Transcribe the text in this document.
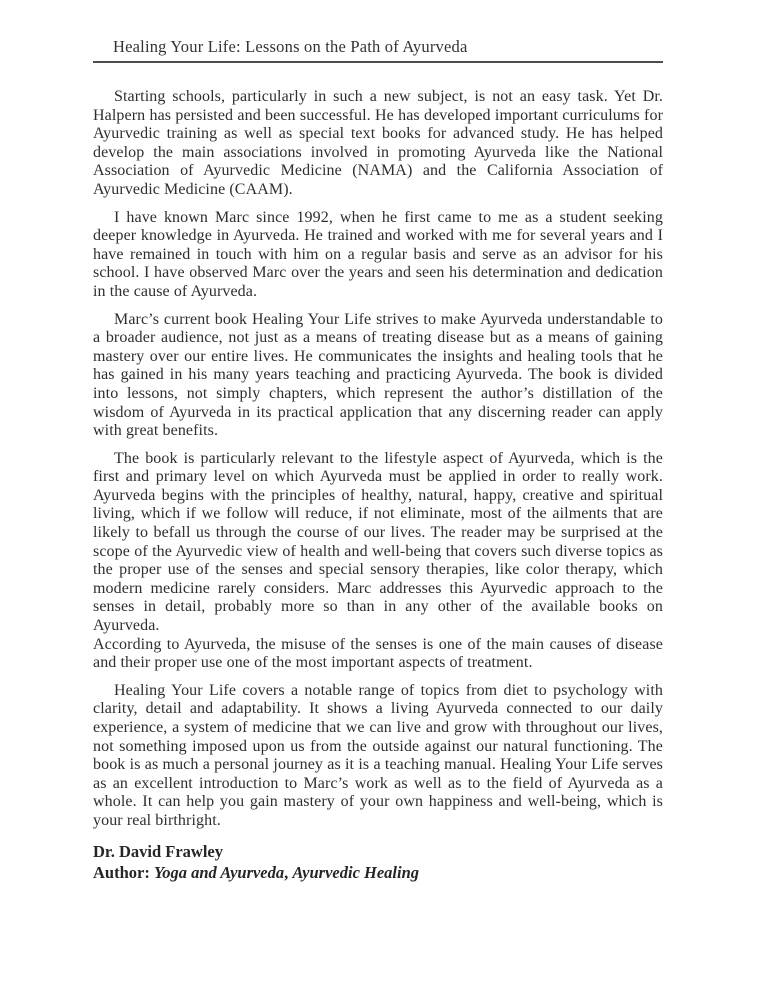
Healing Your Life: Lessons on the Path of Ayurveda

Starting schools, particularly in such a new subject, is not an easy task. Yet Dr. Halpern has persisted and been successful. He has developed important curriculums for Ayurvedic training as well as special text books for advanced study. He has helped develop the main associations involved in promoting Ayurveda like the National Association of Ayurvedic Medicine (NAMA) and the California Association of Ayurvedic Medicine (CAAM).

I have known Marc since 1992, when he first came to me as a student seeking deeper knowledge in Ayurveda. He trained and worked with me for several years and I have remained in touch with him on a regular basis and serve as an advisor for his school. I have observed Marc over the years and seen his determination and dedication in the cause of Ayurveda.

Marc’s current book Healing Your Life strives to make Ayurveda understandable to a broader audience, not just as a means of treating disease but as a means of gaining mastery over our entire lives. He communicates the insights and healing tools that he has gained in his many years teaching and practicing Ayurveda. The book is divided into lessons, not simply chapters, which represent the author’s distillation of the wisdom of Ayurveda in its practical application that any discerning reader can apply with great benefits.

The book is particularly relevant to the lifestyle aspect of Ayurveda, which is the first and primary level on which Ayurveda must be applied in order to really work. Ayurveda begins with the principles of healthy, natural, happy, creative and spiritual living, which if we follow will reduce, if not eliminate, most of the ailments that are likely to befall us through the course of our lives. The reader may be surprised at the scope of the Ayurvedic view of health and well-being that covers such diverse topics as the proper use of the senses and special sensory therapies, like color therapy, which modern medicine rarely considers. Marc addresses this Ayurvedic approach to the senses in detail, probably more so than in any other of the available books on Ayurveda.

According to Ayurveda, the misuse of the senses is one of the main causes of disease and their proper use one of the most important aspects of treatment.

Healing Your Life covers a notable range of topics from diet to psychology with clarity, detail and adaptability. It shows a living Ayurveda connected to our daily experience, a system of medicine that we can live and grow with throughout our lives, not something imposed upon us from the outside against our natural functioning. The book is as much a personal journey as it is a teaching manual. Healing Your Life serves as an excellent introduction to Marc’s work as well as to the field of Ayurveda as a whole. It can help you gain mastery of your own happiness and well-being, which is your real birthright.

Dr. David Frawley
Author: Yoga and Ayurveda, Ayurvedic Healing
